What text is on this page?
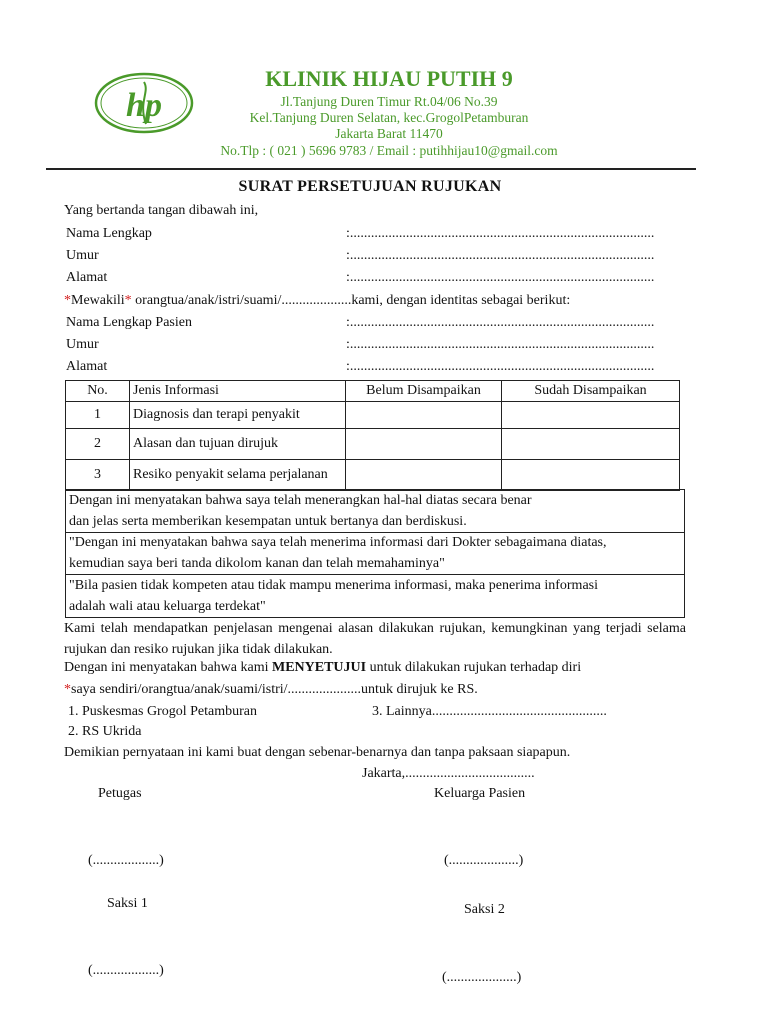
hp
KLINIK HIJAU PUTIH 9
Jl.Tanjung Duren Timur Rt.04/06 No.39
Kel.Tanjung Duren Selatan, kec.GrogolPetamburan
Jakarta Barat 11470
No.Tlp : ( 021 ) 5696 9783 / Email : putihhijau10@gmail.com
SURAT PERSETUJUAN RUJUKAN
Yang bertanda tangan dibawah ini,
Nama Lengkap	:.......................................................................................
Umur	:.......................................................................................
Alamat	:.......................................................................................
*Mewakili* orangtua/anak/istri/suami/....................kami, dengan identitas sebagai berikut:
Nama Lengkap Pasien	:.......................................................................................
Umur	:.......................................................................................
Alamat	:.......................................................................................
No.	Jenis Informasi	Belum Disampaikan	Sudah Disampaikan
1	Diagnosis dan terapi penyakit		
2	Alasan dan tujuan dirujuk		
3	Resiko penyakit selama perjalanan		
Dengan ini menyatakan bahwa saya telah menerangkan hal-hal diatas secara benar
dan jelas serta memberikan kesempatan untuk bertanya dan berdiskusi.
"Dengan ini menyatakan bahwa saya telah menerima informasi dari Dokter sebagaimana diatas,
kemudian saya beri tanda dikolom kanan dan telah memahaminya"
"Bila pasien tidak kompeten atau tidak mampu menerima informasi, maka penerima informasi
adalah wali atau keluarga terdekat"
Kami telah mendapatkan penjelasan mengenai alasan dilakukan rujukan, kemungkinan yang terjadi selama rujukan dan resiko rujukan jika tidak dilakukan.
Dengan ini menyatakan bahwa kami MENYETUJUI untuk dilakukan rujukan terhadap diri
*saya sendiri/orangtua/anak/suami/istri/.....................untuk dirujuk ke RS.
1. Puskesmas Grogol Petamburan	3. Lainnya..................................................
2. RS Ukrida
Demikian pernyataan ini kami buat dengan sebenar-benarnya dan tanpa paksaan siapapun.
Jakarta,.....................................
Petugas	Keluarga Pasien
(...................)	(....................)
Saksi 1	Saksi 2
(...................)	(....................)
